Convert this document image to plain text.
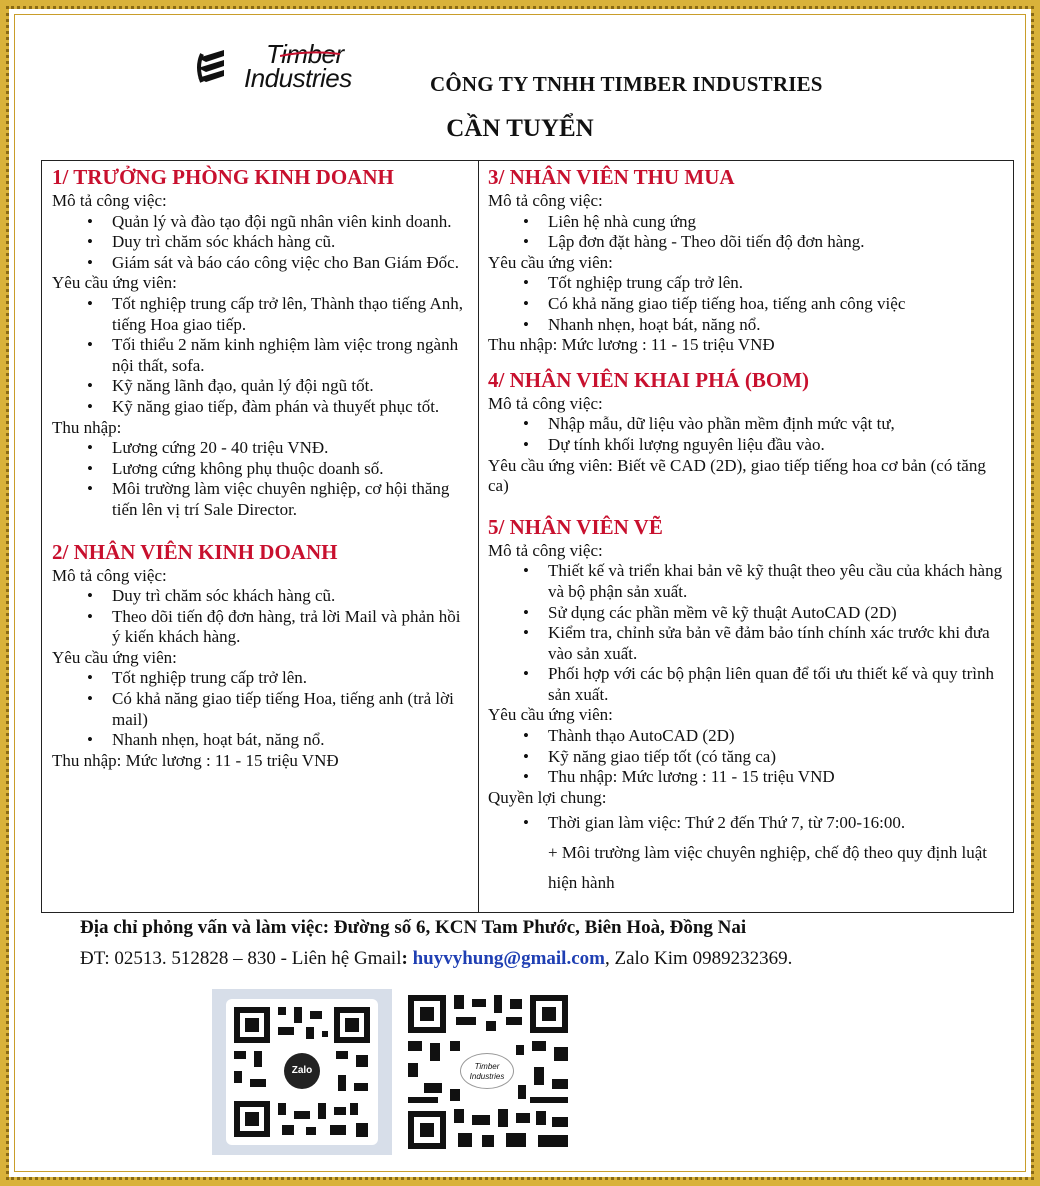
Timber
Industries	CÔNG TY TNHH TIMBER INDUSTRIES
CẦN TUYỂN
1/ TRƯỞNG PHÒNG KINH DOANH
Mô tả công việc:
• Quản lý và đào tạo đội ngũ nhân viên kinh doanh.
• Duy trì chăm sóc khách hàng cũ.
• Giám sát và báo cáo công việc cho Ban Giám Đốc.
Yêu cầu ứng viên:
• Tốt nghiệp trung cấp trở lên, Thành thạo tiếng Anh, tiếng Hoa giao tiếp.
• Tối thiểu 2 năm kinh nghiệm làm việc trong ngành nội thất, sofa.
• Kỹ năng lãnh đạo, quản lý đội ngũ tốt.
• Kỹ năng giao tiếp, đàm phán và thuyết phục tốt.
Thu nhập:
• Lương cứng 20 - 40 triệu VNĐ.
• Lương cứng không phụ thuộc doanh số.
• Môi trường làm việc chuyên nghiệp, cơ hội thăng tiến lên vị trí Sale Director.
2/ NHÂN VIÊN KINH DOANH
Mô tả công việc:
• Duy trì chăm sóc khách hàng cũ.
• Theo dõi tiến độ đơn hàng, trả lời Mail và phản hồi ý kiến khách hàng.
Yêu cầu ứng viên:
• Tốt nghiệp trung cấp trở lên.
• Có khả năng giao tiếp tiếng Hoa, tiếng anh (trả lời mail)
• Nhanh nhẹn, hoạt bát, năng nổ.
Thu nhập: Mức lương : 11 - 15 triệu VNĐ
3/ NHÂN VIÊN THU MUA
Mô tả công việc:
• Liên hệ nhà cung ứng
• Lập đơn đặt hàng - Theo dõi tiến độ đơn hàng.
Yêu cầu ứng viên:
• Tốt nghiệp trung cấp trở lên.
• Có khả năng giao tiếp tiếng hoa, tiếng anh công việc
• Nhanh nhẹn, hoạt bát, năng nổ.
Thu nhập: Mức lương : 11 - 15 triệu VNĐ
4/ NHÂN VIÊN KHAI PHÁ (BOM)
Mô tả công việc:
• Nhập mẫu, dữ liệu vào phần mềm định mức vật tư,
• Dự tính khối lượng nguyên liệu đầu vào.
Yêu cầu ứng viên: Biết vẽ CAD (2D), giao tiếp tiếng hoa cơ bản (có tăng ca)
5/ NHÂN VIÊN VẼ
Mô tả công việc:
• Thiết kế và triển khai bản vẽ kỹ thuật theo yêu cầu của khách hàng và bộ phận sản xuất.
• Sử dụng các phần mềm vẽ kỹ thuật AutoCAD (2D)
• Kiểm tra, chỉnh sửa bản vẽ đảm bảo tính chính xác trước khi đưa vào sản xuất.
• Phối hợp với các bộ phận liên quan để tối ưu thiết kế và quy trình sản xuất.
Yêu cầu ứng viên:
• Thành thạo AutoCAD (2D)
• Kỹ năng giao tiếp tốt (có tăng ca)
• Thu nhập: Mức lương : 11 - 15 triệu VND
Quyền lợi chung:
• Thời gian làm việc: Thứ 2 đến Thứ 7, từ 7:00-16:00.
+ Môi trường làm việc chuyên nghiệp, chế độ theo quy định luật hiện hành
Địa chỉ phỏng vấn và làm việc: Đường số 6, KCN Tam Phước, Biên Hoà, Đồng Nai
ĐT: 02513. 512828 – 830 - Liên hệ Gmail: huyvyhung@gmail.com, Zalo Kim 0989232369.
Zalo	Timber
Industries
